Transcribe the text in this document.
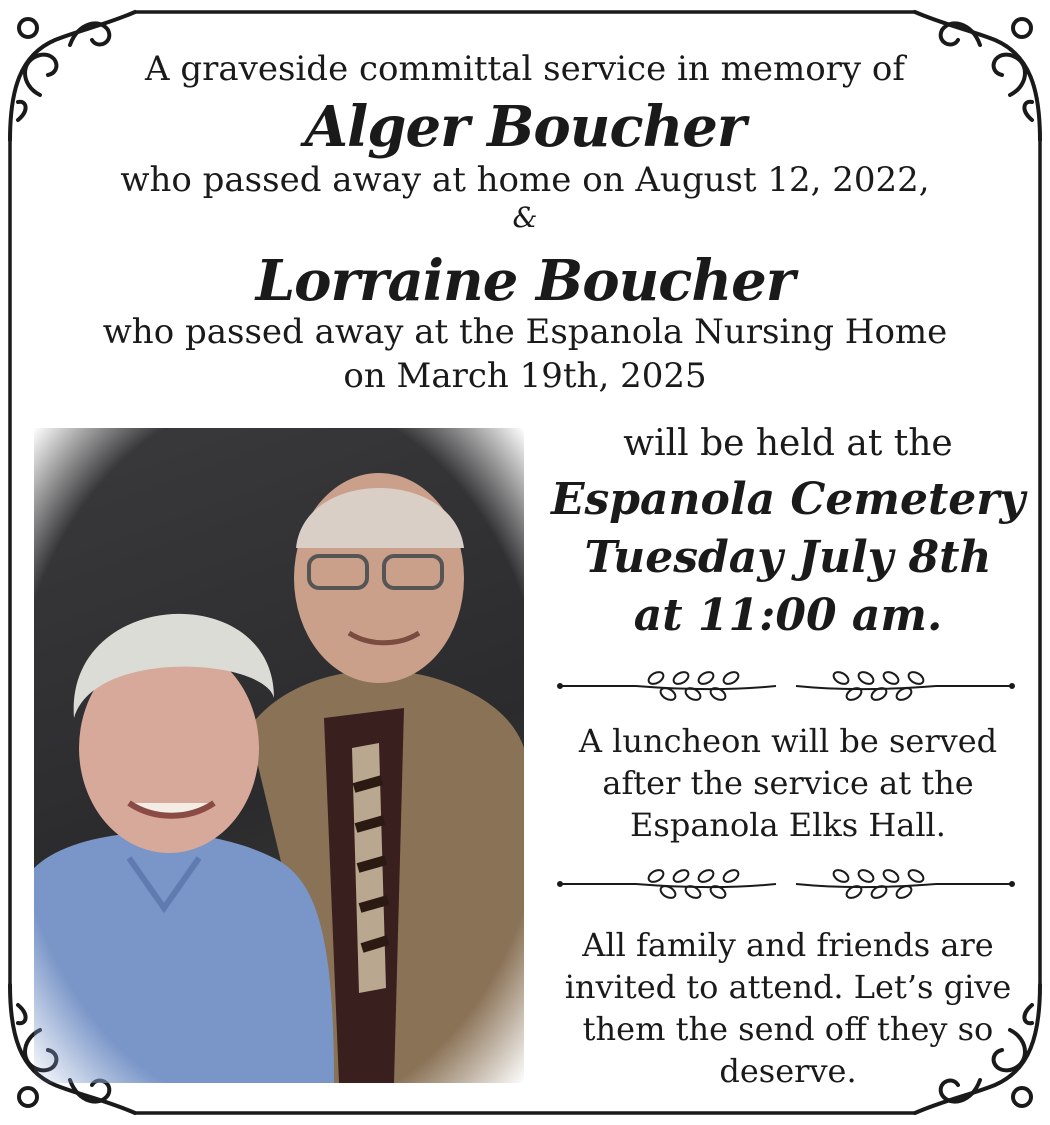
A graveside committal service in memory of
Alger Boucher
who passed away at home on August 12, 2022,
&
Lorraine Boucher
who passed away at the Espanola Nursing Home
on March 19th, 2025
will be held at the
Espanola Cemetery
Tuesday July 8th
at 11:00 am.
A luncheon will be served after the service at the Espanola Elks Hall.
All family and friends are invited to attend. Let’s give them the send off they so deserve.
